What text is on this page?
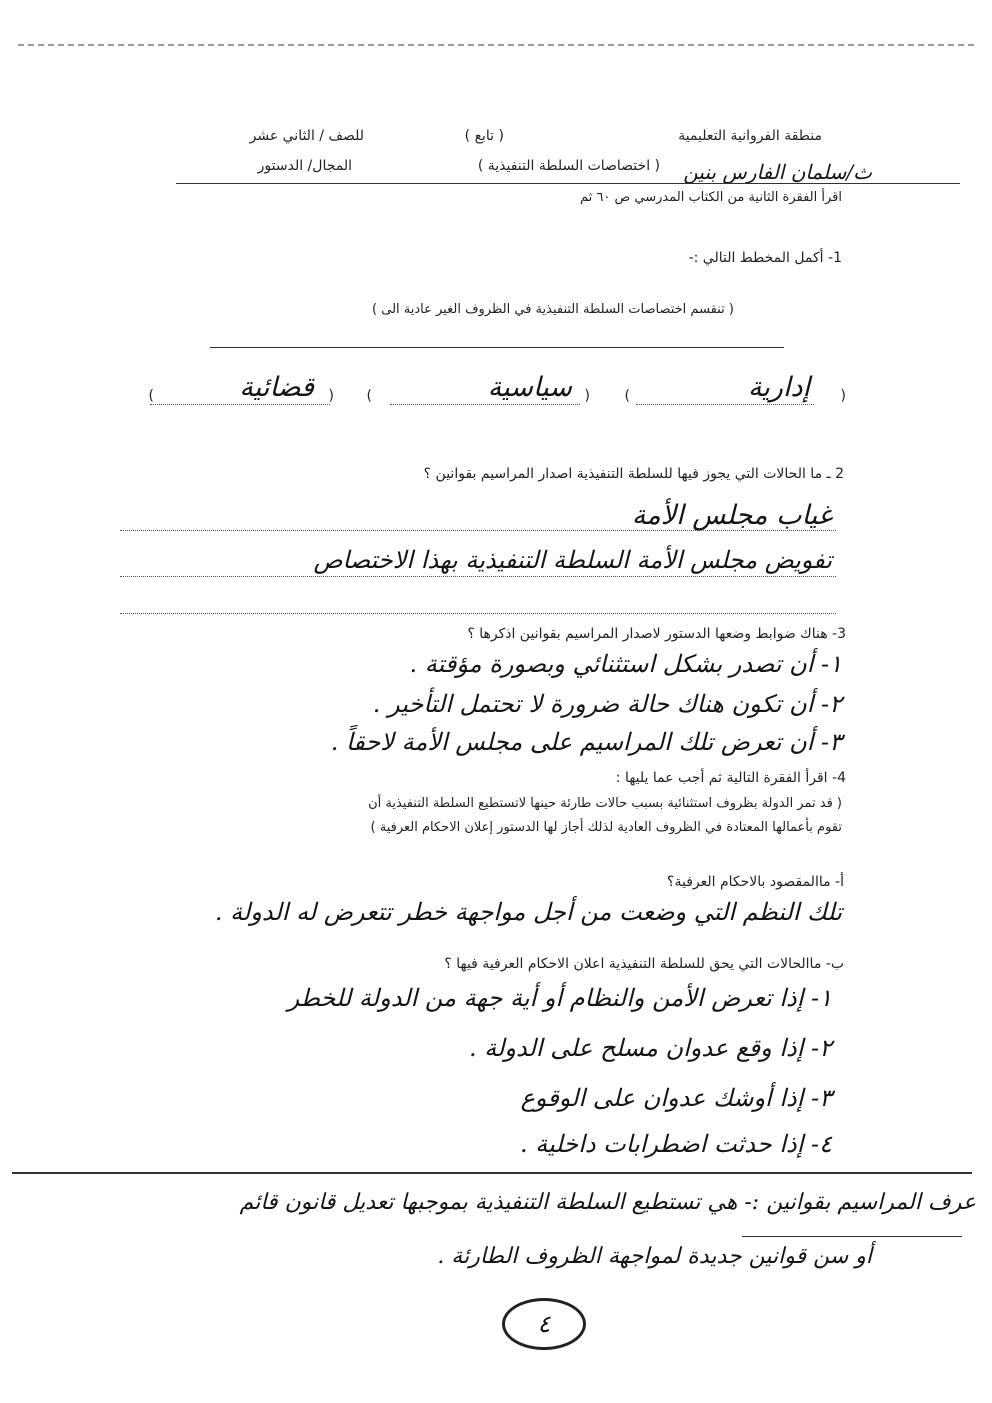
منطقة الفروانية التعليمية
ث/سلمان الفارس بنين
( تابع )
( اختصاصات السلطة التنفيذية )
للصف / الثاني عشر
المجال/ الدستور
اقرأ الفقرة الثانية من الكتاب المدرسي ص ٦٠ ثم
1- أكمل المخطط التالي :-
( تنقسم اختصاصات السلطة التنفيذية في الظروف الغير عادية الى )
(
إدارية
)
(
سياسية
)
(
قضائية
)
2 ـ ما الحالات التي يجوز فيها للسلطة التنفيذية اصدار المراسيم بقوانين ؟
غياب مجلس الأمة
تفويض مجلس الأمة السلطة التنفيذية بهذا الاختصاص
3- هناك ضوابط وضعها الدستور لاصدار المراسيم بقوانين اذكرها ؟
١- أن تصدر بشكل استثنائي وبصورة مؤقتة .
٢- أن تكون هناك حالة ضرورة لا تحتمل التأخير .
٣- أن تعرض تلك المراسيم على مجلس الأمة لاحقاً .
4- اقرأ الفقرة التالية ثم أجب عما يليها :
( قد تمر الدولة بظروف استثنائية بسبب حالات طارئة حينها لاتستطيع السلطة التنفيذية أن
تقوم بأعمالها المعتادة في الظروف العادية لذلك أجاز لها الدستور إعلان الاحكام العرفية )
أ- ماالمقصود بالاحكام العرفية؟
تلك النظم التي وضعت من أجل مواجهة خطر تتعرض له الدولة .
ب- ماالحالات التي يحق للسلطة التنفيذية اعلان الاحكام العرفية فيها ؟
١- إذا تعرض الأمن والنظام أو أية جهة من الدولة للخطر
٢- إذا وقع عدوان مسلح على الدولة .
٣- إذا أوشك عدوان على الوقوع
٤- إذا حدثت اضطرابات داخلية .
عرف المراسيم بقوانين :- هي تستطيع السلطة التنفيذية بموجبها تعديل قانون قائم
أو سن قوانين جديدة لمواجهة الظروف الطارئة .
٤
